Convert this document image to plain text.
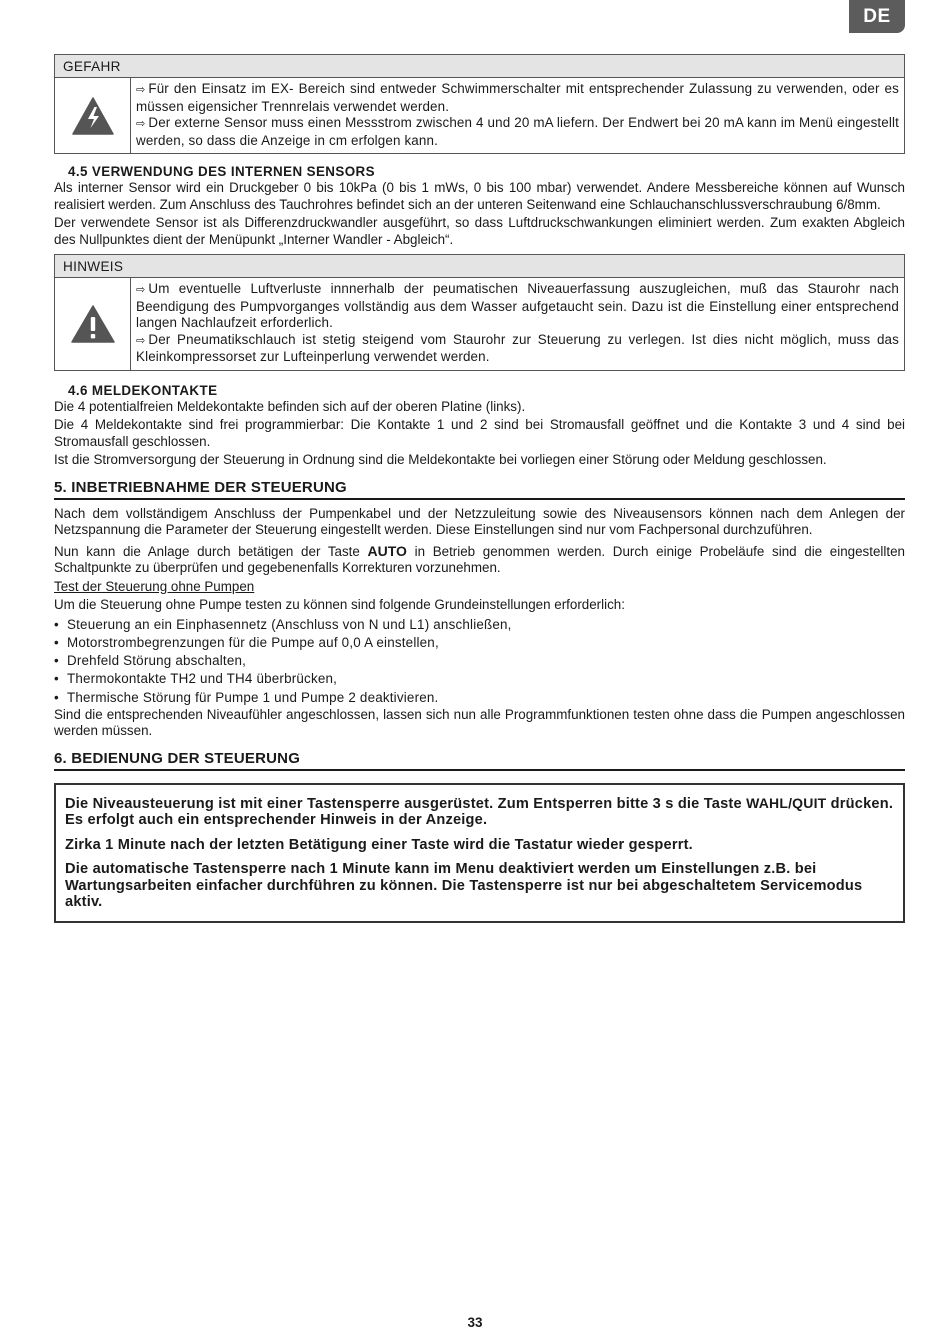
DE
GEFAHR

⇨ Für den Einsatz im EX- Bereich sind entweder Schwimmerschalter mit entsprechender Zulassung zu verwenden, oder es müssen eigensicher Trennrelais verwendet werden.

⇨ Der externe Sensor muss einen Messstrom zwischen 4 und 20 mA liefern. Der Endwert bei 20 mA kann im Menü eingestellt werden, so dass die Anzeige in cm erfolgen kann.

4.5 VERWENDUNG DES INTERNEN SENSORS

Als interner Sensor wird ein Druckgeber 0 bis 10kPa (0 bis 1 mWs, 0 bis 100 mbar) verwendet. Andere Messbereiche können auf Wunsch realisiert werden. Zum Anschluss des Tauchrohres befindet sich an der unteren Seitenwand eine Schlauchanschlussverschraubung 6/8mm.

Der verwendete Sensor ist als Differenzdruckwandler ausgeführt, so dass Luftdruckschwankungen eliminiert werden. Zum exakten Abgleich des Nullpunktes dient der Menüpunkt „Interner Wandler - Abgleich“.

HINWEIS

⇨ Um eventuelle Luftverluste innnerhalb der peumatischen Niveauerfassung auszugleichen, muß das Staurohr nach Beendigung des Pumpvorganges vollständig aus dem Wasser aufgetaucht sein. Dazu ist die Einstellung einer entsprechend langen Nachlaufzeit erforderlich.

⇨ Der Pneumatikschlauch ist stetig steigend vom Staurohr zur Steuerung zu verlegen. Ist dies nicht möglich, muss das Kleinkompressorset zur Lufteinperlung verwendet werden.

4.6 MELDEKONTAKTE

Die 4 potentialfreien Meldekontakte befinden sich auf der oberen Platine (links).

Die 4 Meldekontakte sind frei programmierbar: Die Kontakte 1 und 2 sind bei Stromausfall geöffnet und die Kontakte 3 und 4 sind bei Stromausfall geschlossen.

Ist die Stromversorgung der Steuerung in Ordnung sind die Meldekontakte bei vorliegen einer Störung oder Meldung geschlossen.

5. INBETRIEBNAHME DER STEUERUNG

Nach dem vollständigem Anschluss der Pumpenkabel und der Netzzuleitung sowie des Niveausensors können nach dem Anlegen der Netzspannung die Parameter der Steuerung eingestellt werden. Diese Einstellungen sind nur vom Fachpersonal durchzuführen.

Nun kann die Anlage durch betätigen der Taste AUTO in Betrieb genommen werden. Durch einige Probeläufe sind die eingestellten Schaltpunkte zu überprüfen und gegebenenfalls Korrekturen vorzunehmen.

Test der Steuerung ohne Pumpen

Um die Steuerung ohne Pumpe testen zu können sind folgende Grundeinstellungen erforderlich:

• Steuerung an ein Einphasennetz (Anschluss von N und L1) anschließen,
• Motorstrombegrenzungen für die Pumpe auf 0,0 A einstellen,
• Drehfeld Störung abschalten,
• Thermokontakte TH2 und TH4 überbrücken,
• Thermische Störung für Pumpe 1 und Pumpe 2 deaktivieren.

Sind die entsprechenden Niveaufühler angeschlossen, lassen sich nun alle Programmfunktionen testen ohne dass die Pumpen angeschlossen werden müssen.

6. BEDIENUNG DER STEUERUNG

Die Niveausteuerung ist mit einer Tastensperre ausgerüstet. Zum Entsperren bitte 3 s die Taste WAHL/QUIT drücken. Es erfolgt auch ein entsprechender Hinweis in der Anzeige.

Zirka 1 Minute nach der letzten Betätigung einer Taste wird die Tastatur wieder gesperrt.

Die automatische Tastensperre nach 1 Minute kann im Menu deaktiviert werden um Einstellungen z.B. bei Wartungsarbeiten einfacher durchführen zu können. Die Tastensperre ist nur bei abgeschaltetem Servicemodus aktiv.

33
